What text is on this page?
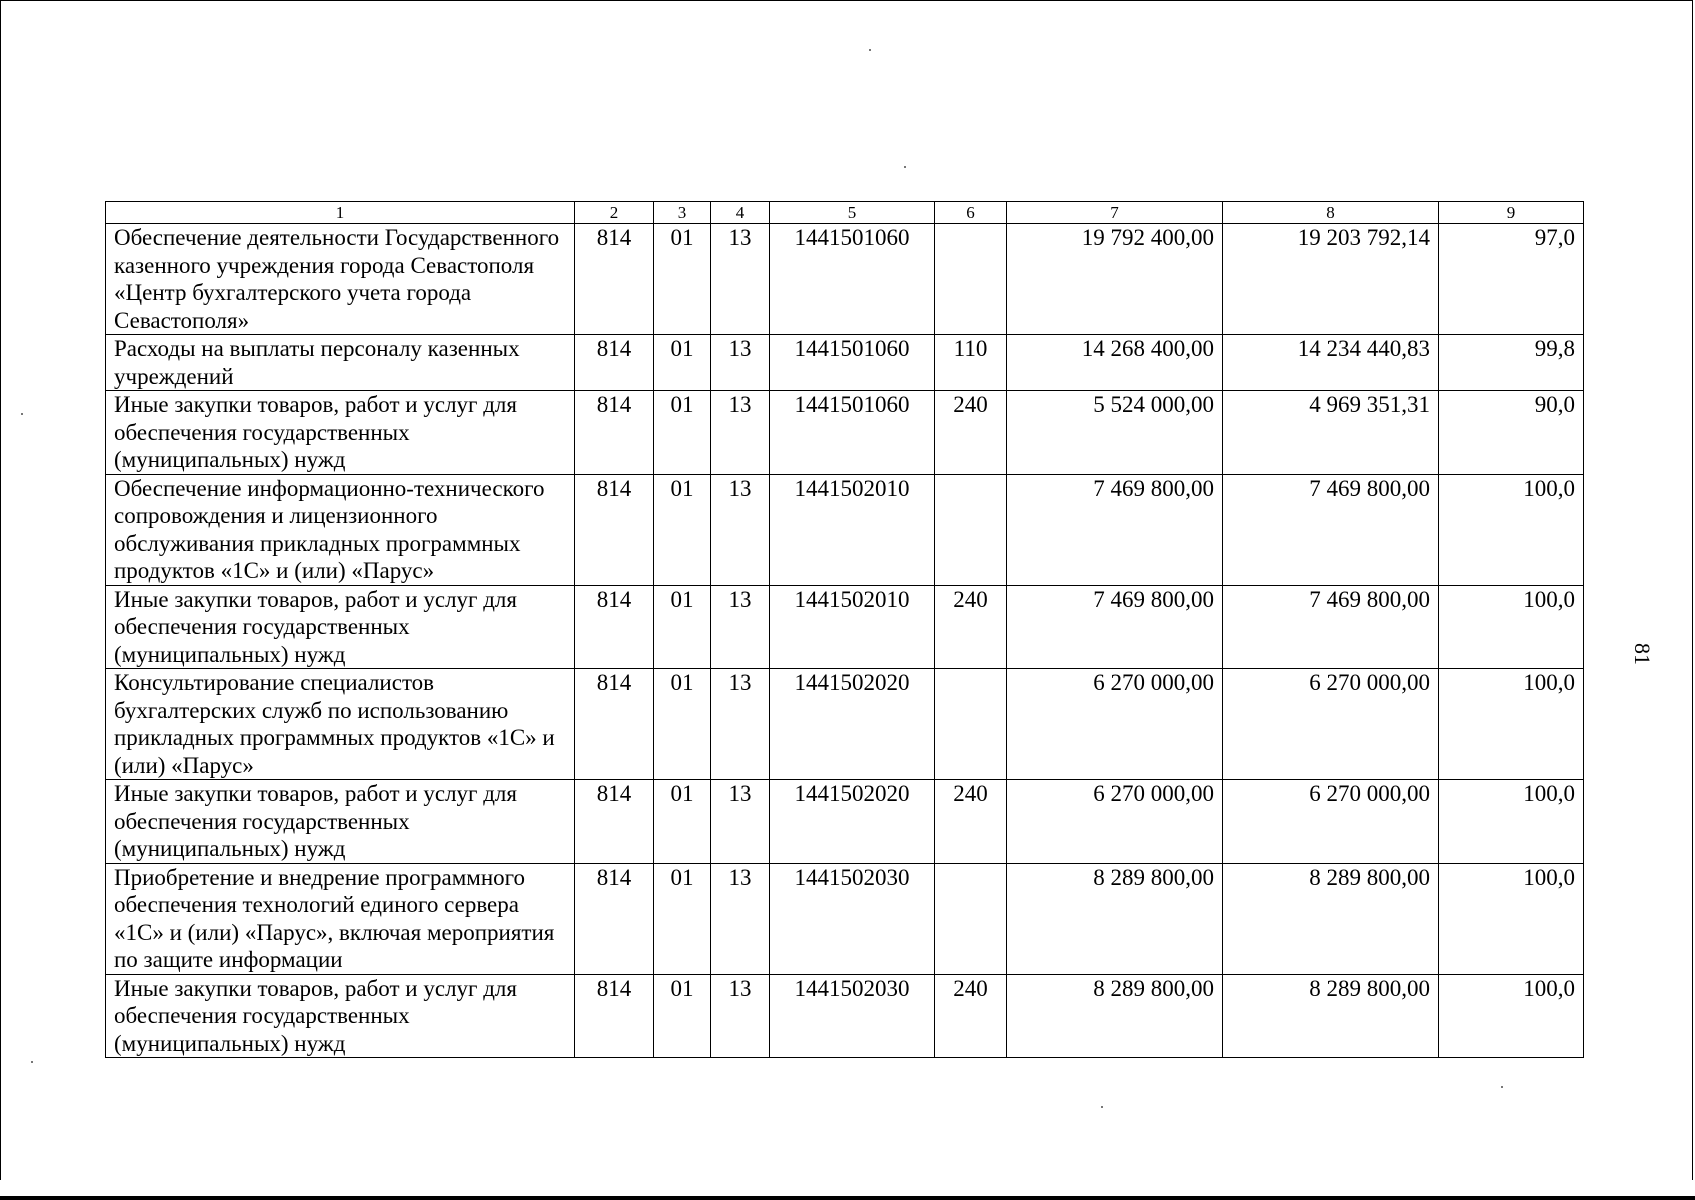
81
1	2	3	4	5	6	7	8	9
Обеспечение деятельности Государственного казенного учреждения города Севастополя «Центр бухгалтерского учета города Севастополя»	814	01	13	1441501060		19 792 400,00	19 203 792,14	97,0
Расходы на выплаты персоналу казенных учреждений	814	01	13	1441501060	110	14 268 400,00	14 234 440,83	99,8
Иные закупки товаров, работ и услуг для обеспечения государственных (муниципальных) нужд	814	01	13	1441501060	240	5 524 000,00	4 969 351,31	90,0
Обеспечение информационно-технического сопровождения и лицензионного обслуживания прикладных программных продуктов «1С» и (или) «Парус»	814	01	13	1441502010		7 469 800,00	7 469 800,00	100,0
Иные закупки товаров, работ и услуг для обеспечения государственных (муниципальных) нужд	814	01	13	1441502010	240	7 469 800,00	7 469 800,00	100,0
Консультирование специалистов бухгалтерских служб по использованию прикладных программных продуктов «1С» и (или) «Парус»	814	01	13	1441502020		6 270 000,00	6 270 000,00	100,0
Иные закупки товаров, работ и услуг для обеспечения государственных (муниципальных) нужд	814	01	13	1441502020	240	6 270 000,00	6 270 000,00	100,0
Приобретение и внедрение программного обеспечения технологий единого сервера «1С» и (или) «Парус», включая мероприятия по защите информации	814	01	13	1441502030		8 289 800,00	8 289 800,00	100,0
Иные закупки товаров, работ и услуг для обеспечения государственных (муниципальных) нужд	814	01	13	1441502030	240	8 289 800,00	8 289 800,00	100,0
